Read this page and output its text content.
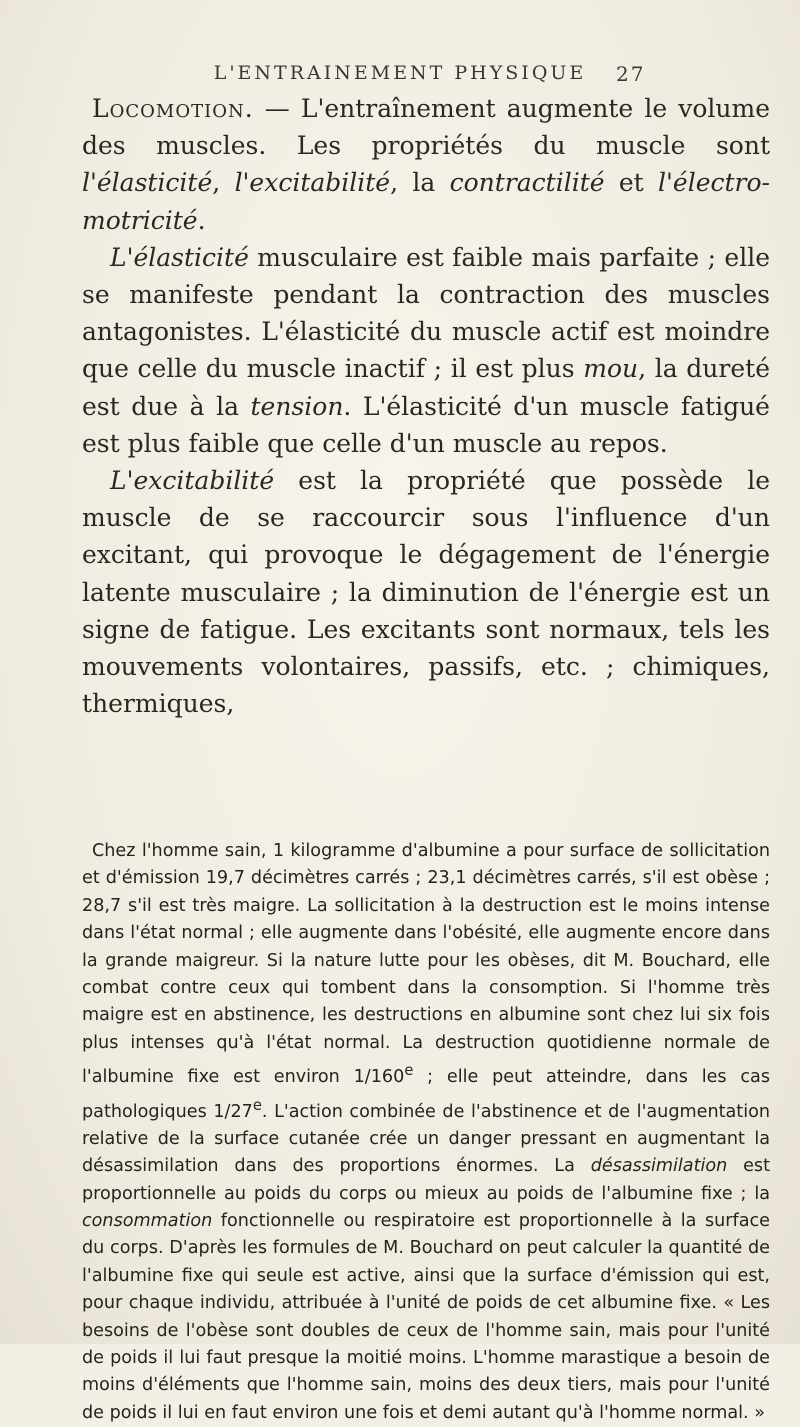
L'ENTRAINEMENT PHYSIQUE	27

Locomotion. — L'entraînement augmente le volume des muscles. Les propriétés du muscle sont l'élasticité, l'excitabilité, la contractilité et l'électro-motricité.

L'élasticité musculaire est faible mais parfaite ; elle se manifeste pendant la contraction des muscles antagonistes. L'élasticité du muscle actif est moindre que celle du muscle inactif ; il est plus mou, la dureté est due à la tension. L'élasticité d'un muscle fatigué est plus faible que celle d'un muscle au repos.

L'excitabilité est la propriété que possède le muscle de se raccourcir sous l'influence d'un excitant, qui provoque le dégagement de l'énergie latente musculaire ; la diminution de l'énergie est un signe de fatigue. Les excitants sont normaux, tels les mouvements volontaires, passifs, etc. ; chimiques, thermiques,

Chez l'homme sain, 1 kilogramme d'albumine a pour surface de sollicitation et d'émission 19,7 décimètres carrés ; 23,1 décimètres carrés, s'il est obèse ; 28,7 s'il est très maigre. La sollicitation à la destruction est le moins intense dans l'état normal ; elle augmente dans l'obésité, elle augmente encore dans la grande maigreur. Si la nature lutte pour les obèses, dit M. Bouchard, elle combat contre ceux qui tombent dans la consomption. Si l'homme très maigre est en abstinence, les destructions en albumine sont chez lui six fois plus intenses qu'à l'état normal. La destruction quotidienne normale de l'albumine fixe est environ 1/160e ; elle peut atteindre, dans les cas pathologiques 1/27e. L'action combinée de l'abstinence et de l'augmentation relative de la surface cutanée crée un danger pressant en augmentant la désassimilation dans des proportions énormes. La désassimilation est proportionnelle au poids du corps ou mieux au poids de l'albumine fixe ; la consommation fonctionnelle ou respiratoire est proportionnelle à la surface du corps. D'après les formules de M. Bouchard on peut calculer la quantité de l'albumine fixe qui seule est active, ainsi que la surface d'émission qui est, pour chaque individu, attribuée à l'unité de poids de cet albumine fixe. « Les besoins de l'obèse sont doubles de ceux de l'homme sain, mais pour l'unité de poids il lui faut presque la moitié moins. L'homme marastique a besoin de moins d'éléments que l'homme sain, moins des deux tiers, mais pour l'unité de poids il lui en faut environ une fois et demi autant qu'à l'homme normal. »
